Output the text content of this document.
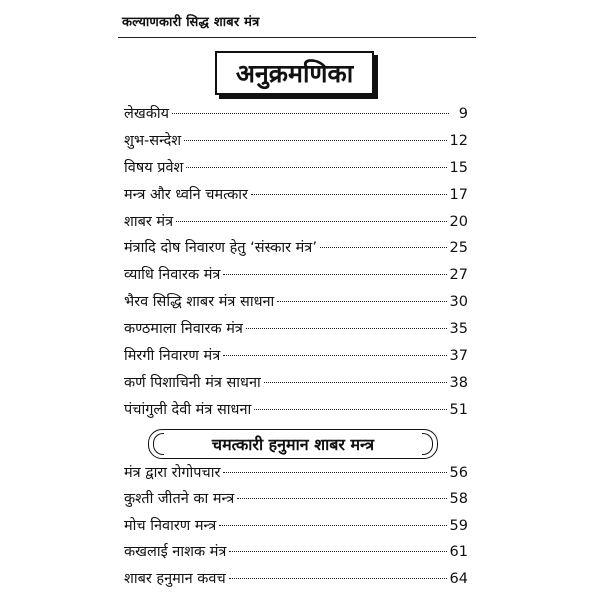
कल्याणकारी सिद्ध शाबर मंत्र
अनुक्रमणिका
लेखकीय	9
शुभ-सन्देश	12
विषय प्रवेश	15
मन्त्र और ध्वनि चमत्कार	17
शाबर मंत्र	20
मंत्रादि दोष निवारण हेतु ‘संस्कार मंत्र’	25
व्याधि निवारक मंत्र	27
भैरव सिद्धि शाबर मंत्र साधना	30
कण्ठमाला निवारक मंत्र	35
मिरगी निवारण मंत्र	37
कर्ण पिशाचिनी मंत्र साधना	38
पंचांगुली देवी मंत्र साधना	51
चमत्कारी हनुमान शाबर मन्त्र
मंत्र द्वारा रोगोपचार	56
कुश्ती जीतने का मन्त्र	58
मोच निवारण मन्त्र	59
कखलाई नाशक मंत्र	61
शाबर हनुमान कवच	64
